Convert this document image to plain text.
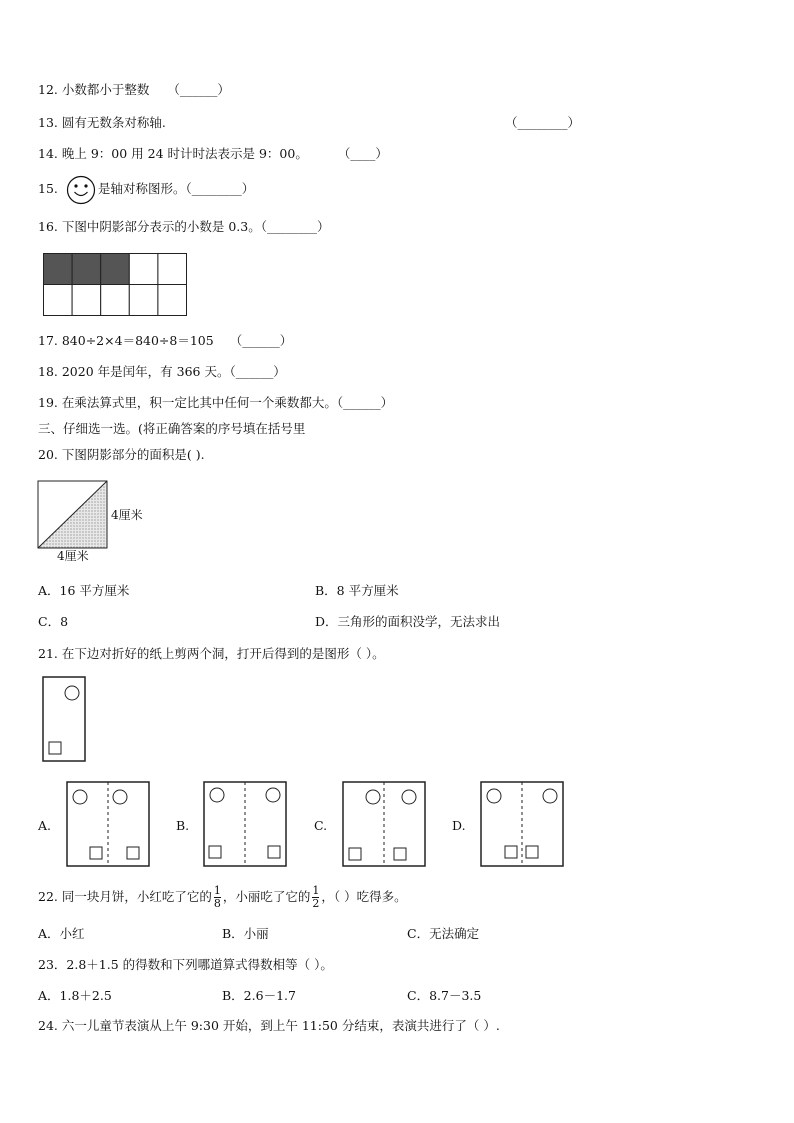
12. 小数都小于整数 （______）
13. 圆有无数条对称轴.	（________）
14. 晚上 9：00 用 24 时计时法表示是 9：00。 （____）
15.	是轴对称图形。（________）
16. 下图中阴影部分表示的小数是 0.3。（________）
17. 840÷2×4＝840÷8＝105 （______）
18. 2020 年是闰年，有 366 天。（______）
19. 在乘法算式里，积一定比其中任何一个乘数都大。（______）
三、仔细选一选。(将正确答案的序号填在括号里
20. 下图阴影部分的面积是( ).
4厘米
4厘米
A．16 平方厘米	B．8 平方厘米
C．8	D．三角形的面积没学，无法求出
21. 在下边对折好的纸上剪两个洞，打开后得到的是图形（ ）。
A.	B.	C.	D.
22. 同一块月饼，小红吃了它的 $\frac{1}{8}$ ，小丽吃了它的 $\frac{1}{2}$ ，（ ）吃得多。
A．小红	B．小丽	C．无法确定
23．2.8＋1.5 的得数和下列哪道算式得数相等（ ）。
A．1.8＋2.5	B．2.6－1.7	C．8.7－3.5
24. 六一儿童节表演从上午 9:30 开始，到上午 11:50 分结束，表演共进行了（ ）.
